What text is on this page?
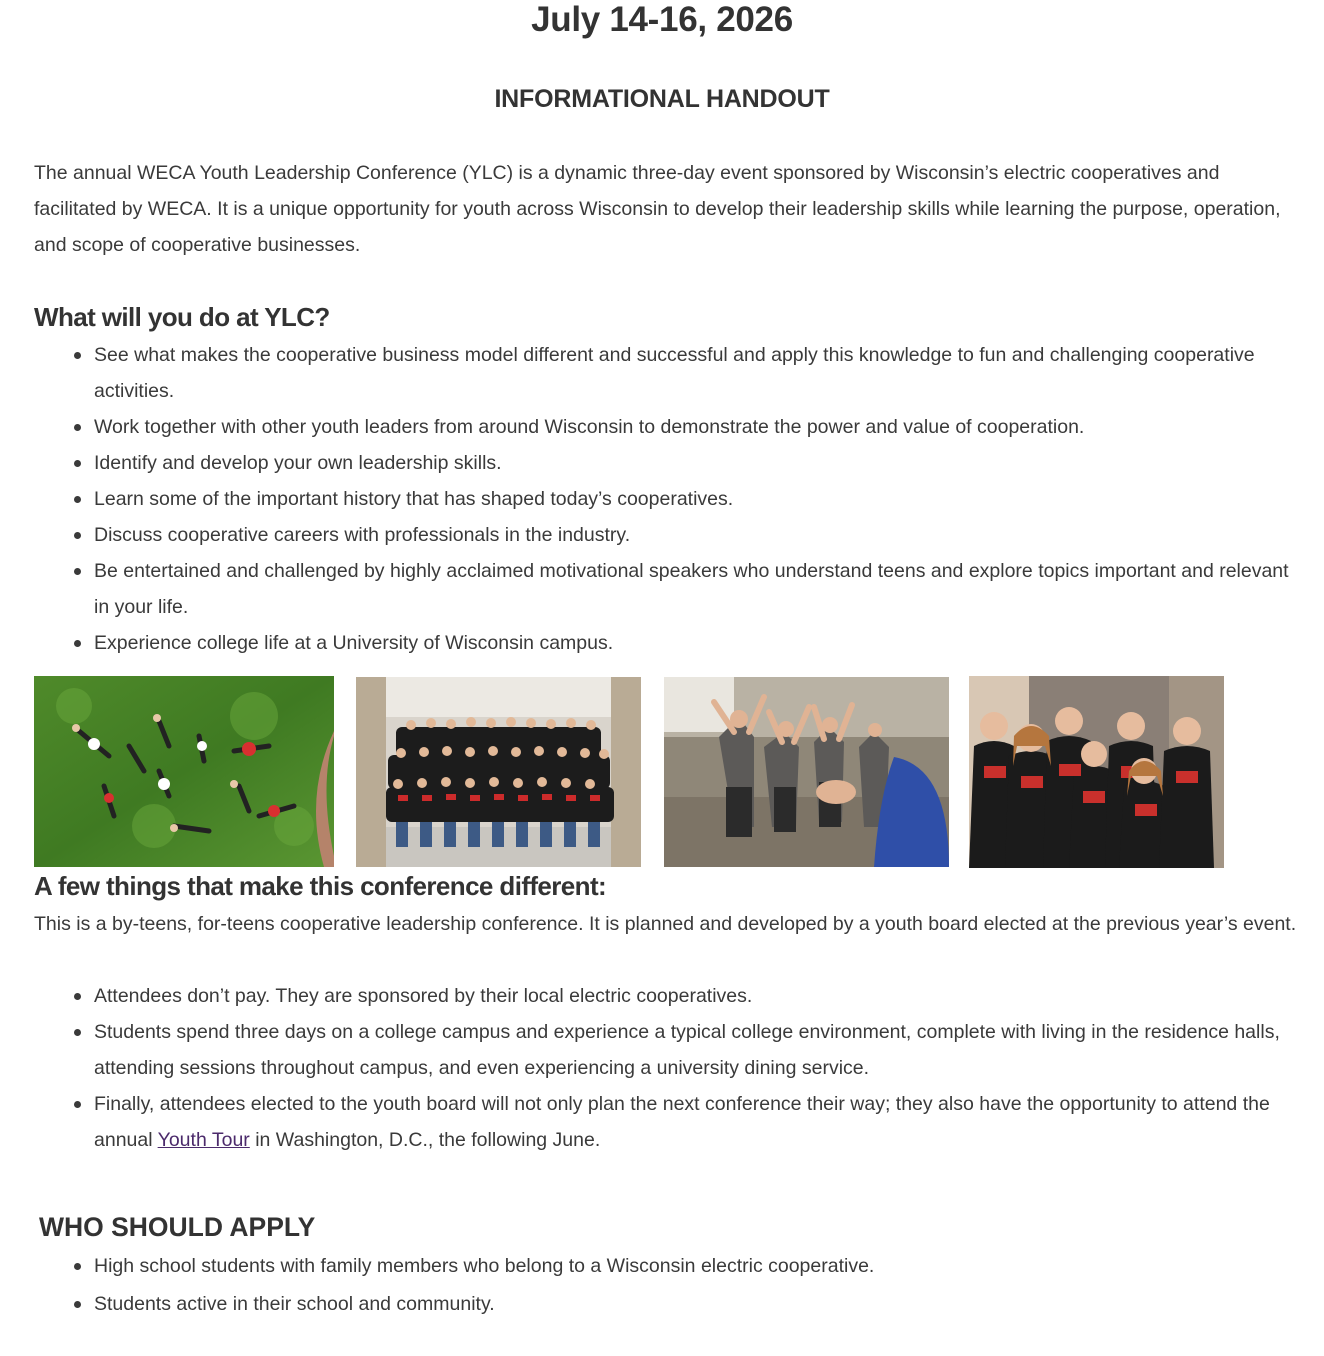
July 14-16, 2026
INFORMATIONAL HANDOUT

The annual WECA Youth Leadership Conference (YLC) is a dynamic three-day event sponsored by Wisconsin’s electric cooperatives and facilitated by WECA. It is a unique opportunity for youth across Wisconsin to develop their leadership skills while learning the purpose, operation, and scope of cooperative businesses.

What will you do at YLC?
See what makes the cooperative business model different and successful and apply this knowledge to fun and challenging cooperative activities.
Work together with other youth leaders from around Wisconsin to demonstrate the power and value of cooperation.
Identify and develop your own leadership skills.
Learn some of the important history that has shaped today’s cooperatives.
Discuss cooperative careers with professionals in the industry.
Be entertained and challenged by highly acclaimed motivational speakers who understand teens and explore topics important and relevant in your life.
Experience college life at a University of Wisconsin campus.
A few things that make this conference different:

This is a by-teens, for-teens cooperative leadership conference. It is planned and developed by a youth board elected at the previous year’s event.

Attendees don’t pay. They are sponsored by their local electric cooperatives.
Students spend three days on a college campus and experience a typical college environment, complete with living in the residence halls, attending sessions throughout campus, and even experiencing a university dining service.
Finally, attendees elected to the youth board will not only plan the next conference their way; they also have the opportunity to attend the annual Youth Tour in Washington, D.C., the following June.
WHO SHOULD APPLY
High school students with family members who belong to a Wisconsin electric cooperative.
Students active in their school and community.
